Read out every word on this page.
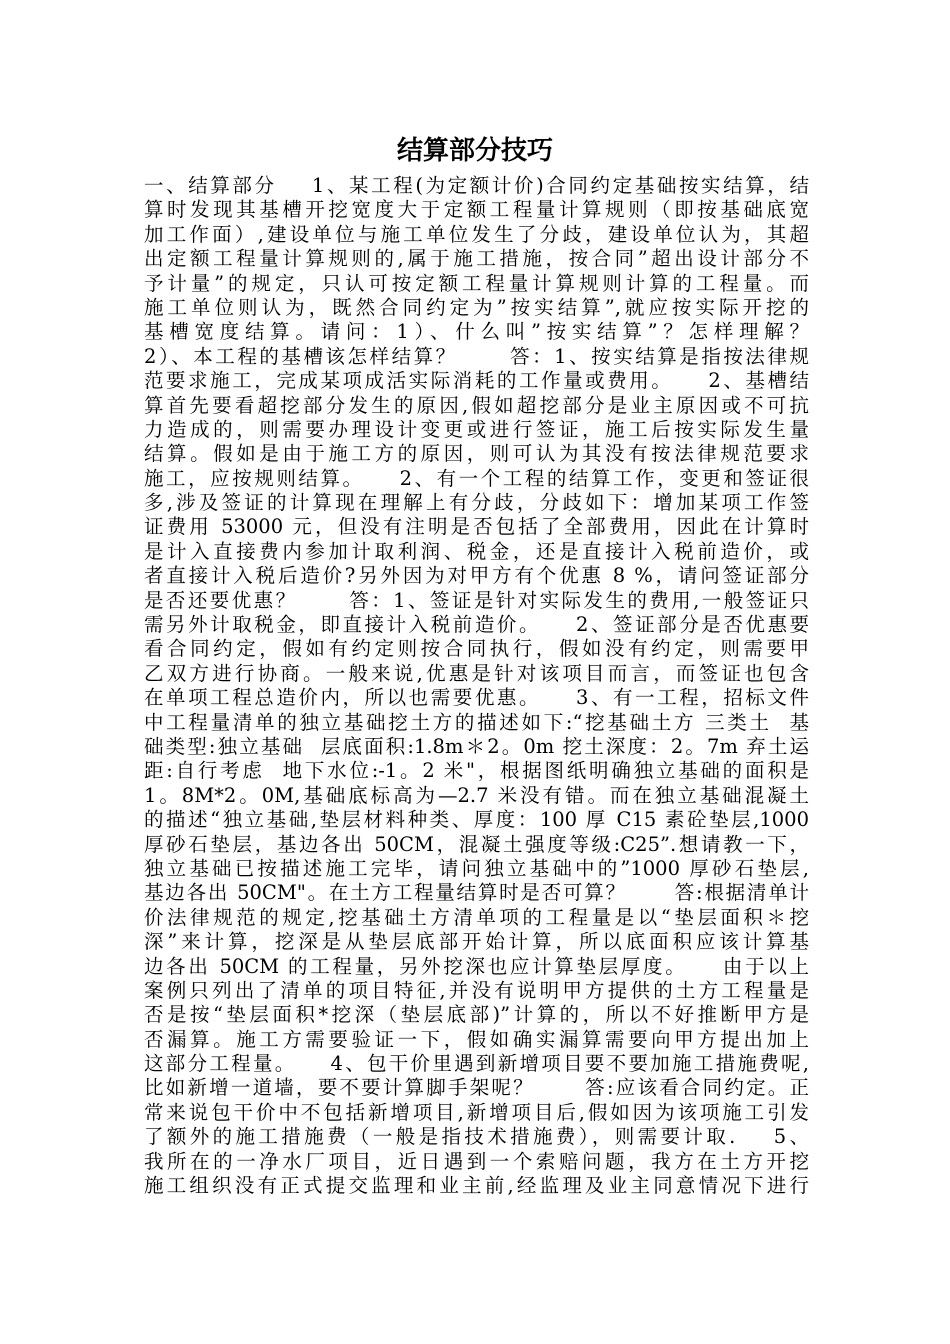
结算部分技巧
一、结算部分    1、某工程(为定额计价)合同约定基础按实结算，结
算时发现其基槽开挖宽度大于定额工程量计算规则（即按基础底宽
加工作面）,建设单位与施工单位发生了分歧，建设单位认为，其超
出定额工程量计算规则的,属于施工措施，按合同”超出设计部分不
予计量”的规定，只认可按定额工程量计算规则计算的工程量。而
施工单位则认为，既然合同约定为”按实结算”,就应按实际开挖的
基槽宽度结算。请问：1）、什么叫”按实结算”？怎样理解？
2）、本工程的基槽该怎样结算？      答：1、按实结算是指按法律规
范要求施工，完成某项成活实际消耗的工作量或费用。    2、基槽结
算首先要看超挖部分发生的原因,假如超挖部分是业主原因或不可抗
力造成的，则需要办理设计变更或进行签证，施工后按实际发生量
结算。假如是由于施工方的原因，则可认为其没有按法律规范要求
施工，应按规则结算。    2、有一个工程的结算工作，变更和签证很
多,涉及签证的计算现在理解上有分歧，分歧如下：增加某项工作签
证费用 53000 元，但没有注明是否包括了全部费用，因此在计算时
是计入直接费内参加计取利润、税金，还是直接计入税前造价，或
者直接计入税后造价?另外因为对甲方有个优惠 8 %，请问签证部分
是否还要优惠？      答：1、签证是针对实际发生的费用,一般签证只
需另外计取税金，即直接计入税前造价。    2、签证部分是否优惠要
看合同约定，假如有约定则按合同执行，假如没有约定，则需要甲
乙双方进行协商。一般来说,优惠是针对该项目而言，而签证也包含
在单项工程总造价内，所以也需要优惠。    3、有一工程，招标文件
中工程量清单的独立基础挖土方的描述如下:“挖基础土方 三类土  基
础类型:独立基础  层底面积:1.8m＊2。0m 挖土深度：2。7m 弃土运
距:自行考虑  地下水位:-1。2 米"，根据图纸明确独立基础的面积是
1。8M*2。0M,基础底标高为—2.7 米没有错。而在独立基础混凝土
的描述“独立基础,垫层材料种类、厚度：100 厚 C15 素砼垫层,1000
厚砂石垫层，基边各出 50CM，混凝土强度等级:C25”.想请教一下，
独立基础已按描述施工完毕，请问独立基础中的”1000 厚砂石垫层,
基边各出 50CM"。在土方工程量结算时是否可算？      答:根据清单计
价法律规范的规定,挖基础土方清单项的工程量是以“垫层面积＊挖
深”来计算，挖深是从垫层底部开始计算，所以底面积应该计算基
边各出 50CM 的工程量，另外挖深也应计算垫层厚度。    由于以上
案例只列出了清单的项目特征,并没有说明甲方提供的土方工程量是
否是按“垫层面积*挖深（垫层底部)”计算的，所以不好推断甲方是
否漏算。施工方需要验证一下，假如确实漏算需要向甲方提出加上
这部分工程量。    4、包干价里遇到新增项目要不要加施工措施费呢,
比如新增一道墙，要不要计算脚手架呢？      答:应该看合同约定。正
常来说包干价中不包括新增项目,新增项目后,假如因为该项施工引发
了额外的施工措施费（一般是指技术措施费），则需要计取.    5、
我所在的一净水厂项目，近日遇到一个索赔问题，我方在土方开挖
施工组织没有正式提交监理和业主前,经监理及业主同意情况下进行
